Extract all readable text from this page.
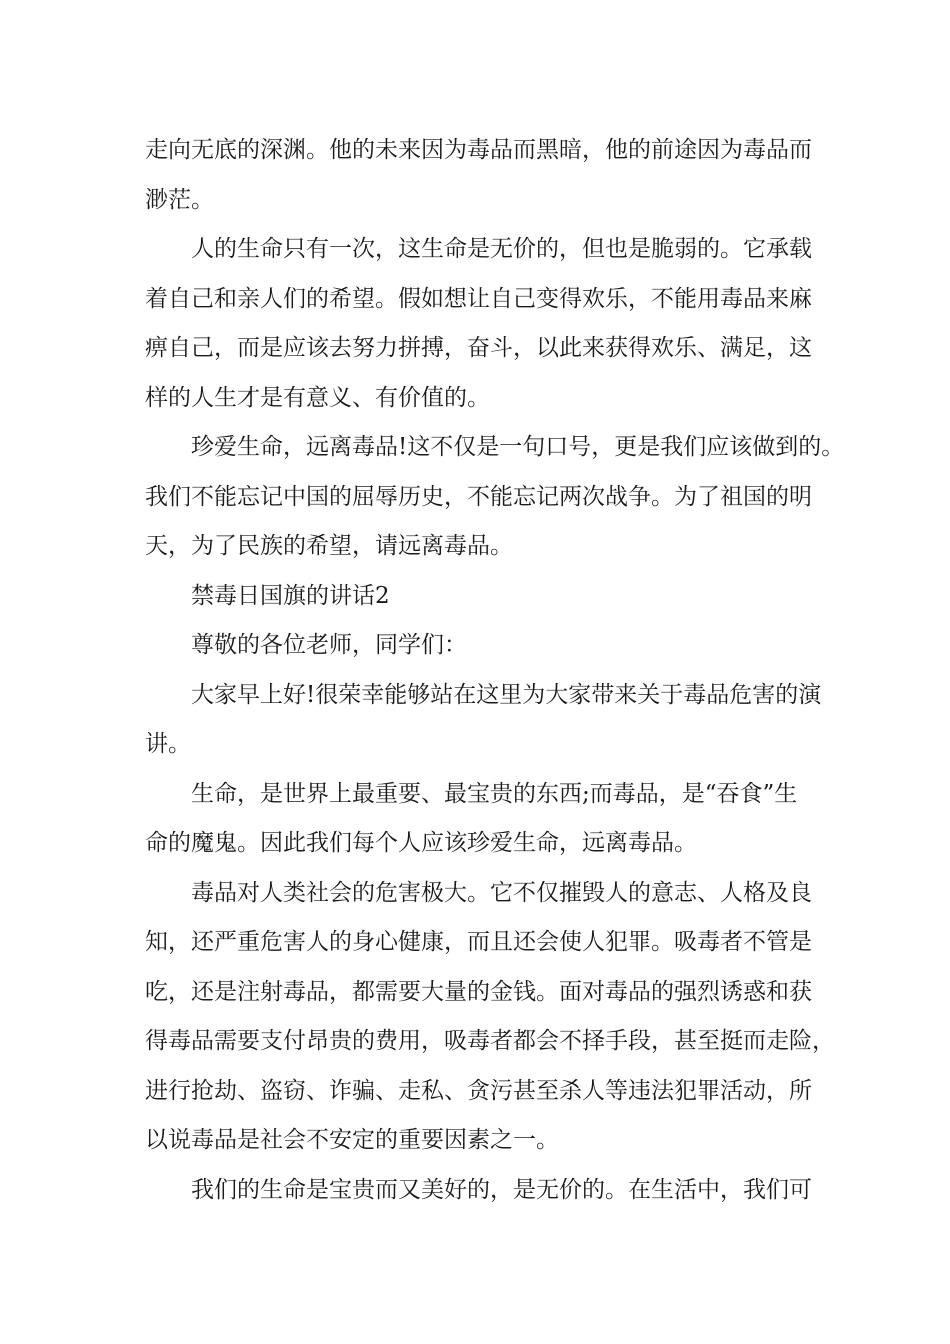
走向无底的深渊。他的未来因为毒品而黑暗，他的前途因为毒品而
渺茫。
人的生命只有一次，这生命是无价的，但也是脆弱的。它承载
着自己和亲人们的希望。假如想让自己变得欢乐，不能用毒品来麻
痹自己，而是应该去努力拼搏，奋斗，以此来获得欢乐、满足，这
样的人生才是有意义、有价值的。
珍爱生命，远离毒品!这不仅是一句口号，更是我们应该做到的。
我们不能忘记中国的屈辱历史，不能忘记两次战争。为了祖国的明
天，为了民族的希望，请远离毒品。
禁毒日国旗的讲话2
尊敬的各位老师，同学们：
大家早上好!很荣幸能够站在这里为大家带来关于毒品危害的演
讲。
生命，是世界上最重要、最宝贵的东西;而毒品，是“吞食”生
命的魔鬼。因此我们每个人应该珍爱生命，远离毒品。
毒品对人类社会的危害极大。它不仅摧毁人的意志、人格及良
知，还严重危害人的身心健康，而且还会使人犯罪。吸毒者不管是
吃，还是注射毒品，都需要大量的金钱。面对毒品的强烈诱惑和获
得毒品需要支付昂贵的费用，吸毒者都会不择手段，甚至挺而走险，
进行抢劫、盗窃、诈骗、走私、贪污甚至杀人等违法犯罪活动，所
以说毒品是社会不安定的重要因素之一。
我们的生命是宝贵而又美好的，是无价的。在生活中，我们可
